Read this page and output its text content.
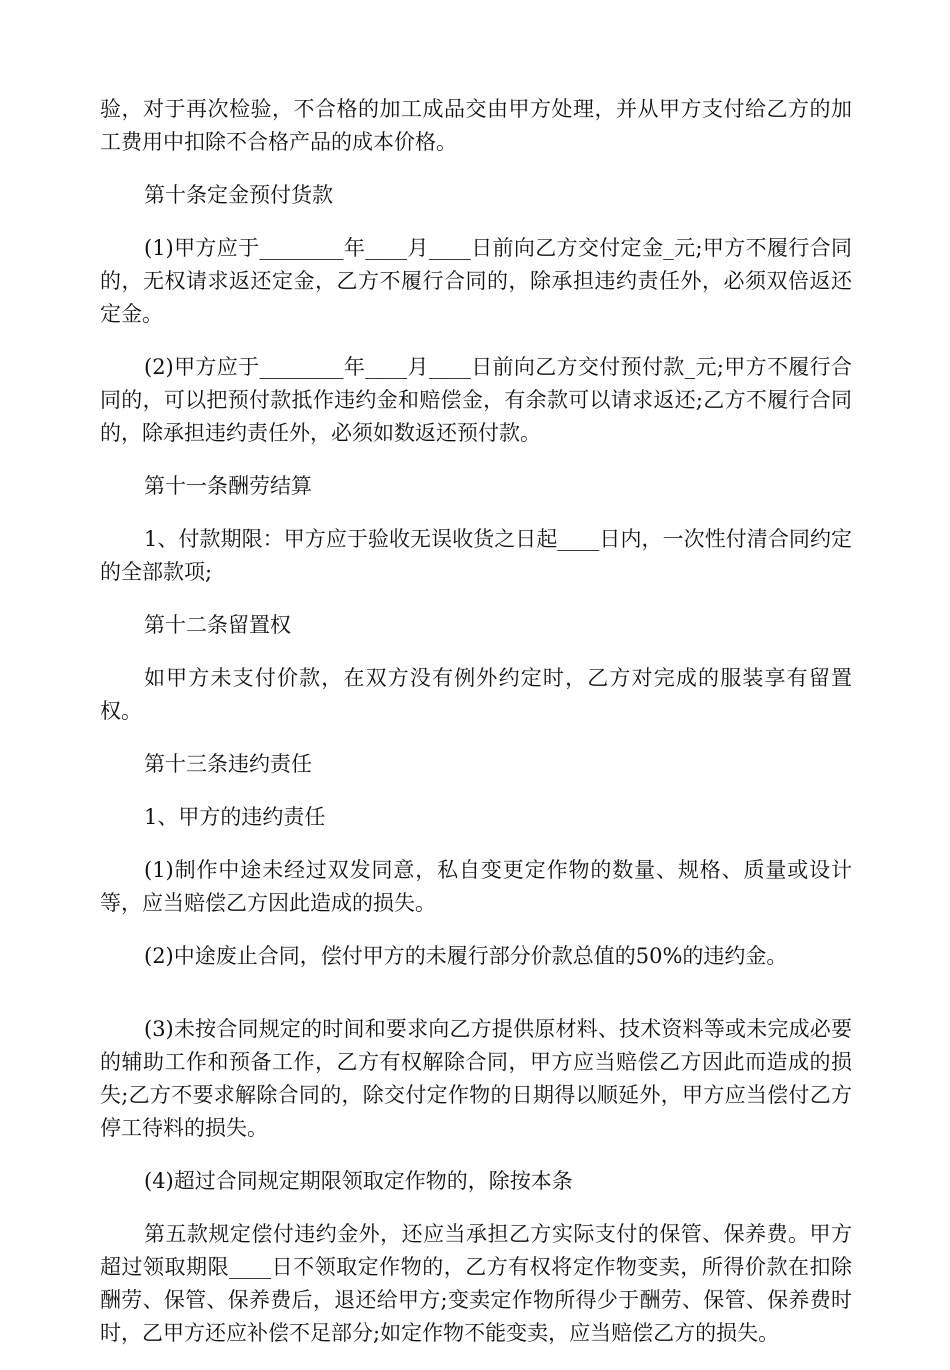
验，对于再次检验，不合格的加工成品交由甲方处理，并从甲方支付给乙方的加工费用中扣除不合格产品的成本价格。

第十条定金预付货款

(1)甲方应于________年____月____日前向乙方交付定金_元;甲方不履行合同的，无权请求返还定金，乙方不履行合同的，除承担违约责任外，必须双倍返还定金。

(2)甲方应于________年____月____日前向乙方交付预付款_元;甲方不履行合同的，可以把预付款抵作违约金和赔偿金，有余款可以请求返还;乙方不履行合同的，除承担违约责任外，必须如数返还预付款。

第十一条酬劳结算

1、付款期限：甲方应于验收无误收货之日起____日内，一次性付清合同约定的全部款项;

第十二条留置权

如甲方未支付价款，在双方没有例外约定时，乙方对完成的服装享有留置权。

第十三条违约责任

1、甲方的违约责任

(1)制作中途未经过双发同意，私自变更定作物的数量、规格、质量或设计等，应当赔偿乙方因此造成的损失。

(2)中途废止合同，偿付甲方的未履行部分价款总值的50%的违约金。

(3)未按合同规定的时间和要求向乙方提供原材料、技术资料等或未完成必要的辅助工作和预备工作，乙方有权解除合同，甲方应当赔偿乙方因此而造成的损失;乙方不要求解除合同的，除交付定作物的日期得以顺延外，甲方应当偿付乙方停工待料的损失。

(4)超过合同规定期限领取定作物的，除按本条

第五款规定偿付违约金外，还应当承担乙方实际支付的保管、保养费。甲方超过领取期限____日不领取定作物的，乙方有权将定作物变卖，所得价款在扣除酬劳、保管、保养费后，退还给甲方;变卖定作物所得少于酬劳、保管、保养费时时，乙甲方还应补偿不足部分;如定作物不能变卖，应当赔偿乙方的损失。
